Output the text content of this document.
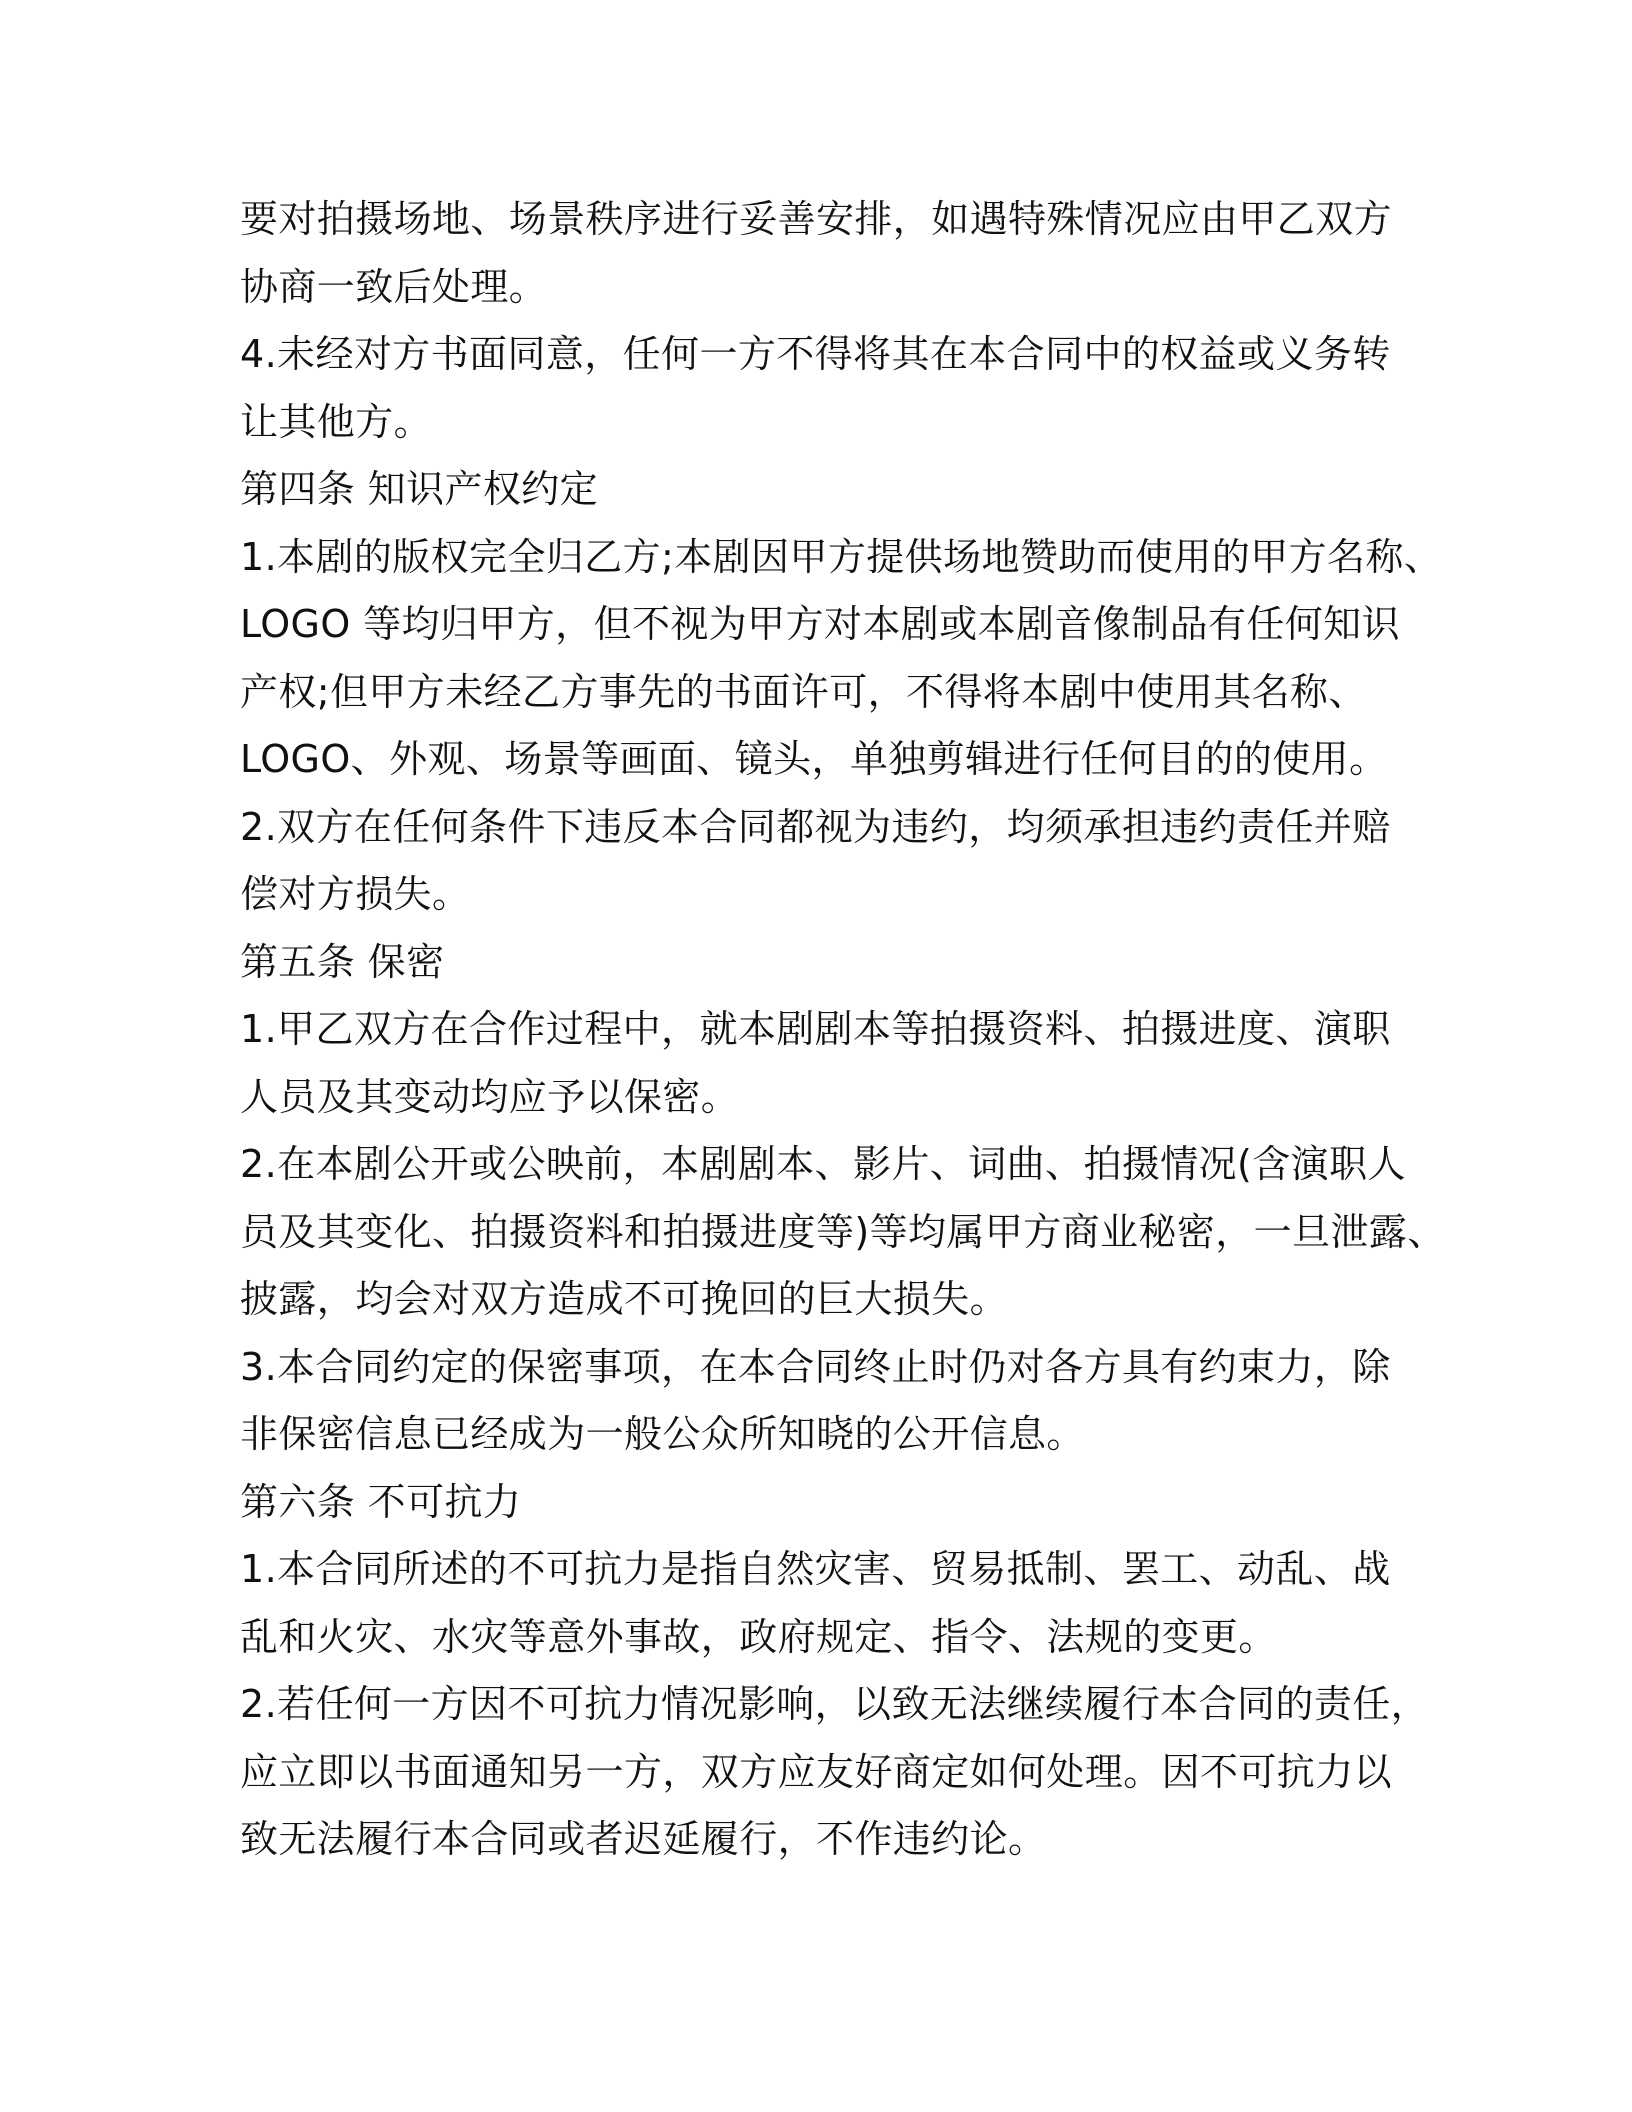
要对拍摄场地、场景秩序进行妥善安排，如遇特殊情况应由甲乙双方
协商一致后处理。
4.未经对方书面同意，任何一方不得将其在本合同中的权益或义务转
让其他方。
第四条 知识产权约定
1.本剧的版权完全归乙方;本剧因甲方提供场地赞助而使用的甲方名称、
LOGO 等均归甲方，但不视为甲方对本剧或本剧音像制品有任何知识
产权;但甲方未经乙方事先的书面许可，不得将本剧中使用其名称、
LOGO、外观、场景等画面、镜头，单独剪辑进行任何目的的使用。
2.双方在任何条件下违反本合同都视为违约，均须承担违约责任并赔
偿对方损失。
第五条 保密
1.甲乙双方在合作过程中，就本剧剧本等拍摄资料、拍摄进度、演职
人员及其变动均应予以保密。
2.在本剧公开或公映前，本剧剧本、影片、词曲、拍摄情况(含演职人
员及其变化、拍摄资料和拍摄进度等)等均属甲方商业秘密，一旦泄露、
披露，均会对双方造成不可挽回的巨大损失。
3.本合同约定的保密事项，在本合同终止时仍对各方具有约束力，除
非保密信息已经成为一般公众所知晓的公开信息。
第六条 不可抗力
1.本合同所述的不可抗力是指自然灾害、贸易抵制、罢工、动乱、战
乱和火灾、水灾等意外事故，政府规定、指令、法规的变更。
2.若任何一方因不可抗力情况影响，以致无法继续履行本合同的责任，
应立即以书面通知另一方，双方应友好商定如何处理。因不可抗力以
致无法履行本合同或者迟延履行，不作违约论。
